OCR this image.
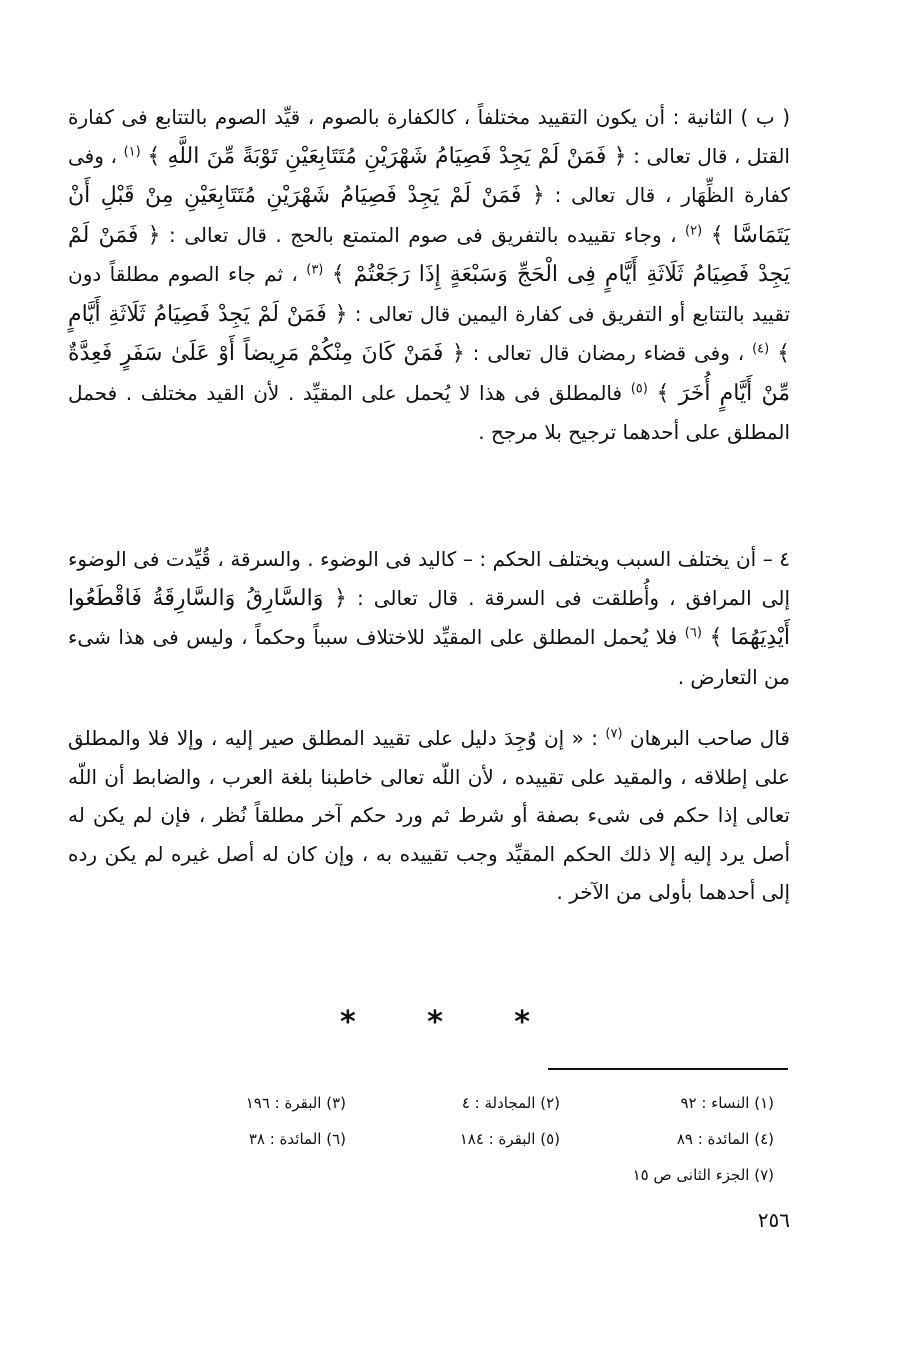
( ب ) الثانية : أن يكون التقييد مختلفاً ، كالكفارة بالصوم ، قيِّد الصوم بالتتابع فى كفارة القتل ، قال تعالى : ﴿ فَمَنْ لَمْ يَجِدْ فَصِيَامُ شَهْرَيْنِ مُتَتَابِعَيْنِ تَوْبَةً مِّنَ اللَّهِ ﴾ $^{(١)}$ ، وفى كفارة الظِّهَار ، قال تعالى : ﴿ فَمَنْ لَمْ يَجِدْ فَصِيَامُ شَهْرَيْنِ مُتَتَابِعَيْنِ مِنْ قَبْلِ أَنْ يَتَمَاسَّا ﴾ $^{(٢)}$ ، وجاء تقييده بالتفريق فى صوم المتمتع بالحج . قال تعالى : ﴿ فَمَنْ لَمْ يَجِدْ فَصِيَامُ ثَلَاثَةِ أَيَّامٍ فِى الْحَجِّ وَسَبْعَةٍ إِذَا رَجَعْتُمْ ﴾ $^{(٣)}$ ، ثم جاء الصوم مطلقاً دون تقييد بالتتابع أو التفريق فى كفارة اليمين قال تعالى : ﴿ فَمَنْ لَمْ يَجِدْ فَصِيَامُ ثَلَاثَةِ أَيَّامٍ ﴾ $^{(٤)}$ ، وفى قضاء رمضان قال تعالى : ﴿ فَمَنْ كَانَ مِنْكُمْ مَرِيضاً أَوْ عَلَىٰ سَفَرٍ فَعِدَّةٌ مِّنْ أَيَّامٍ أُخَرَ ﴾ $^{(٥)}$ فالمطلق فى هذا لا يُحمل على المقيِّد . لأن القيد مختلف . فحمل المطلق على أحدهما ترجيح بلا مرجح .

٤ – أن يختلف السبب ويختلف الحكم : – كاليد فى الوضوء . والسرقة ، قُيِّدت فى الوضوء إلى المرافق ، وأُطلقت فى السرقة . قال تعالى : ﴿ وَالسَّارِقُ وَالسَّارِقَةُ فَاقْطَعُوا أَيْدِيَهُمَا ﴾ $^{(٦)}$ فلا يُحمل المطلق على المقيِّد للاختلاف سبباً وحكماً ، وليس فى هذا شىء من التعارض .

قال صاحب البرهان $^{(٧)}$ : « إن وُجِدَ دليل على تقييد المطلق صير إليه ، وإلا فلا والمطلق على إطلاقه ، والمقيد على تقييده ، لأن اللّه تعالى خاطبنا بلغة العرب ، والضابط أن اللّه تعالى إذا حكم فى شىء بصفة أو شرط ثم ورد حكم آخر مطلقاً نُظر ، فإن لم يكن له أصل يرد إليه إلا ذلك الحكم المقيِّد وجب تقييده به ، وإن كان له أصل غيره لم يكن رده إلى أحدهما بأولى من الآخر .

* * *
(١) النساء : ٩٢
(٢) المجادلة : ٤
(٣) البقرة : ١٩٦
(٤) المائدة : ٨٩
(٥) البقرة : ١٨٤
(٦) المائدة : ٣٨
(٧) الجزء الثانى ص ١٥
٢٥٦
